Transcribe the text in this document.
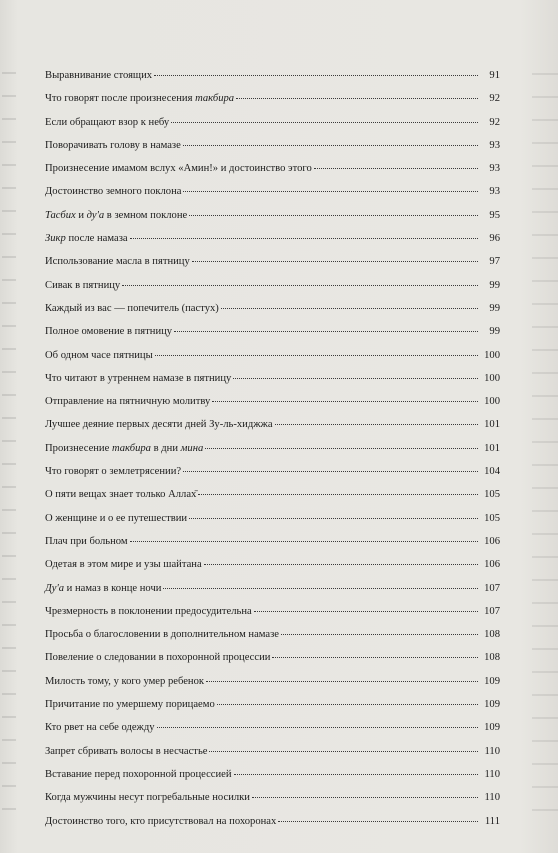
Выравнивание стоящих	91
Что говорят после произнесения такбира	92
Если обращают взор к небу	92
Поворачивать голову в намазе	93
Произнесение имамом вслух «Амин!» и достоинство этого	93
Достоинство земного поклона	93
Тасбих и ду'а в земном поклоне	95
Зикр после намаза	96
Использование масла в пятницу	97
Сивак в пятницу	99
Каждый из вас — попечитель (пастух)	99
Полное омовение в пятницу	99
Об одном часе пятницы	100
Что читают в утреннем намазе в пятницу	100
Отправление на пятничную молитву	100
Лучшее деяние первых десяти дней Зу-ль-хиджжа	101
Произнесение такбира в дни мина	101
Что говорят о землетрясении?	104
О пяти вещах знает только Аллах̄	105
О женщине и о ее путешествии	105
Плач при больном	106
Одетая в этом мире и узы шайтана	106
Ду'а и намаз в конце ночи	107
Чрезмерность в поклонении предосудительна	107
Просьба о благословении в дополнительном намазе	108
Повеление о следовании в похоронной процессии	108
Милость тому, у кого умер ребенок	109
Причитание по умершему порицаемо	109
Кто рвет на себе одежду	109
Запрет сбривать волосы в несчастье	110
Вставание перед похоронной процессией	110
Когда мужчины несут погребальные носилки	110
Достоинство того, кто присутствовал на похоронах	111
